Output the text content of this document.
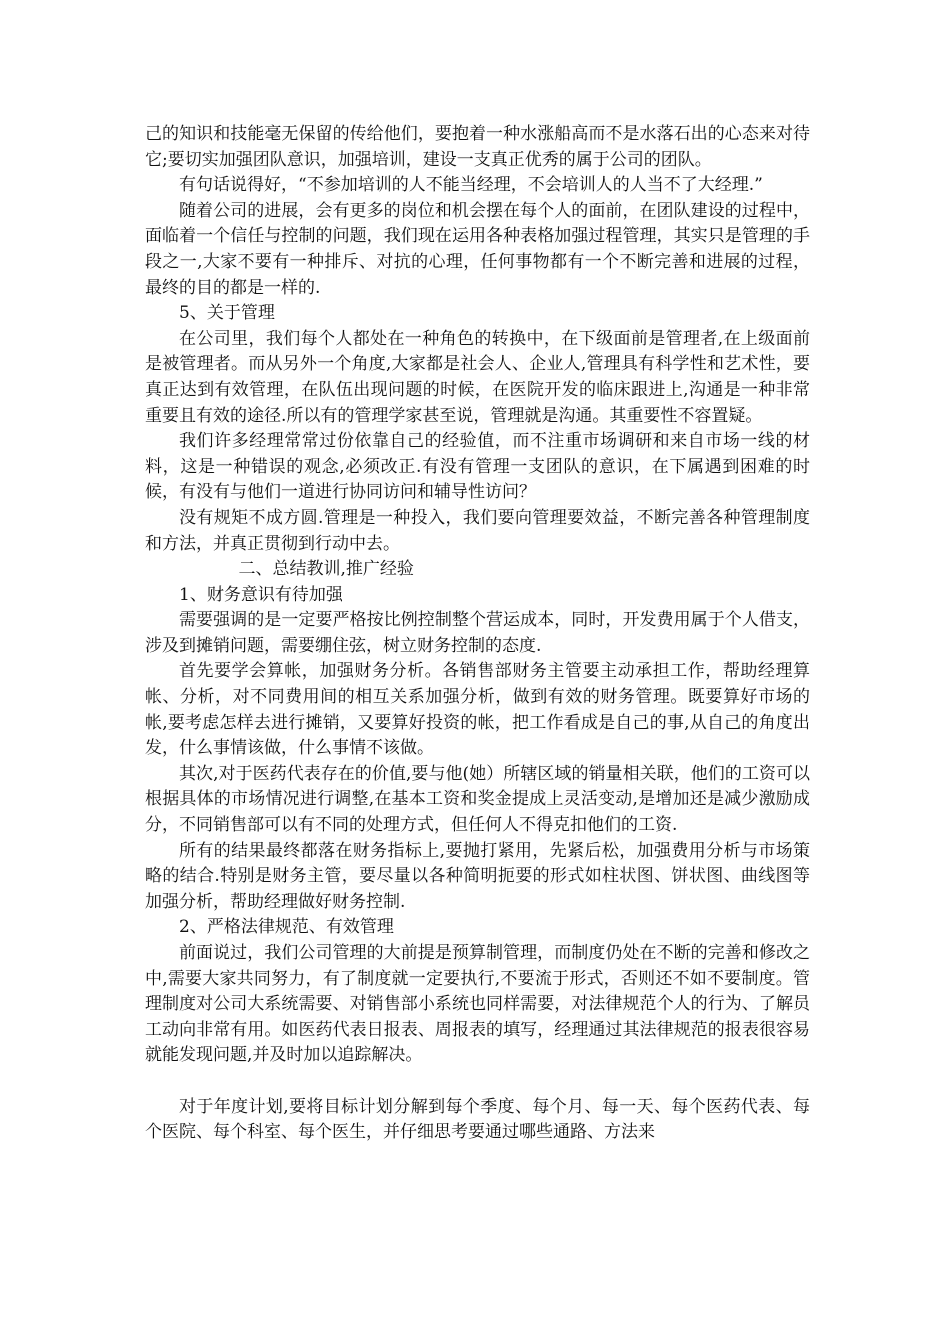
己的知识和技能毫无保留的传给他们，要抱着一种水涨船高而不是水落石出的心态来对待它;要切实加强团队意识，加强培训，建设一支真正优秀的属于公司的团队。

有句话说得好，“不参加培训的人不能当经理，不会培训人的人当不了大经理.”

随着公司的进展，会有更多的岗位和机会摆在每个人的面前，在团队建设的过程中，面临着一个信任与控制的问题，我们现在运用各种表格加强过程管理，其实只是管理的手段之一,大家不要有一种排斥、对抗的心理，任何事物都有一个不断完善和进展的过程，最终的目的都是一样的.

5、关于管理

在公司里，我们每个人都处在一种角色的转换中，在下级面前是管理者,在上级面前是被管理者。而从另外一个角度,大家都是社会人、企业人,管理具有科学性和艺术性，要真正达到有效管理，在队伍出现问题的时候，在医院开发的临床跟进上,沟通是一种非常重要且有效的途径.所以有的管理学家甚至说，管理就是沟通。其重要性不容置疑。

我们许多经理常常过份依靠自己的经验值，而不注重市场调研和来自市场一线的材料，这是一种错误的观念,必须改正.有没有管理一支团队的意识，在下属遇到困难的时候，有没有与他们一道进行协同访问和辅导性访问？

没有规矩不成方圆.管理是一种投入，我们要向管理要效益，不断完善各种管理制度和方法，并真正贯彻到行动中去。

二、总结教训,推广经验

1、财务意识有待加强

需要强调的是一定要严格按比例控制整个营运成本，同时，开发费用属于个人借支，涉及到摊销问题，需要绷住弦，树立财务控制的态度.

首先要学会算帐，加强财务分析。各销售部财务主管要主动承担工作，帮助经理算帐、分析，对不同费用间的相互关系加强分析，做到有效的财务管理。既要算好市场的帐,要考虑怎样去进行摊销，又要算好投资的帐，把工作看成是自己的事,从自己的角度出发，什么事情该做，什么事情不该做。

其次,对于医药代表存在的价值,要与他(她）所辖区域的销量相关联，他们的工资可以根据具体的市场情况进行调整,在基本工资和奖金提成上灵活变动,是增加还是减少激励成分，不同销售部可以有不同的处理方式，但任何人不得克扣他们的工资.

所有的结果最终都落在财务指标上,要抛打紧用，先紧后松，加强费用分析与市场策略的结合.特别是财务主管，要尽量以各种简明扼要的形式如柱状图、饼状图、曲线图等加强分析，帮助经理做好财务控制.

2、严格法律规范、有效管理

前面说过，我们公司管理的大前提是预算制管理，而制度仍处在不断的完善和修改之中,需要大家共同努力，有了制度就一定要执行,不要流于形式，否则还不如不要制度。管理制度对公司大系统需要、对销售部小系统也同样需要，对法律规范个人的行为、了解员工动向非常有用。如医药代表日报表、周报表的填写，经理通过其法律规范的报表很容易就能发现问题,并及时加以追踪解决。

对于年度计划,要将目标计划分解到每个季度、每个月、每一天、每个医药代表、每个医院、每个科室、每个医生，并仔细思考要通过哪些通路、方法来
